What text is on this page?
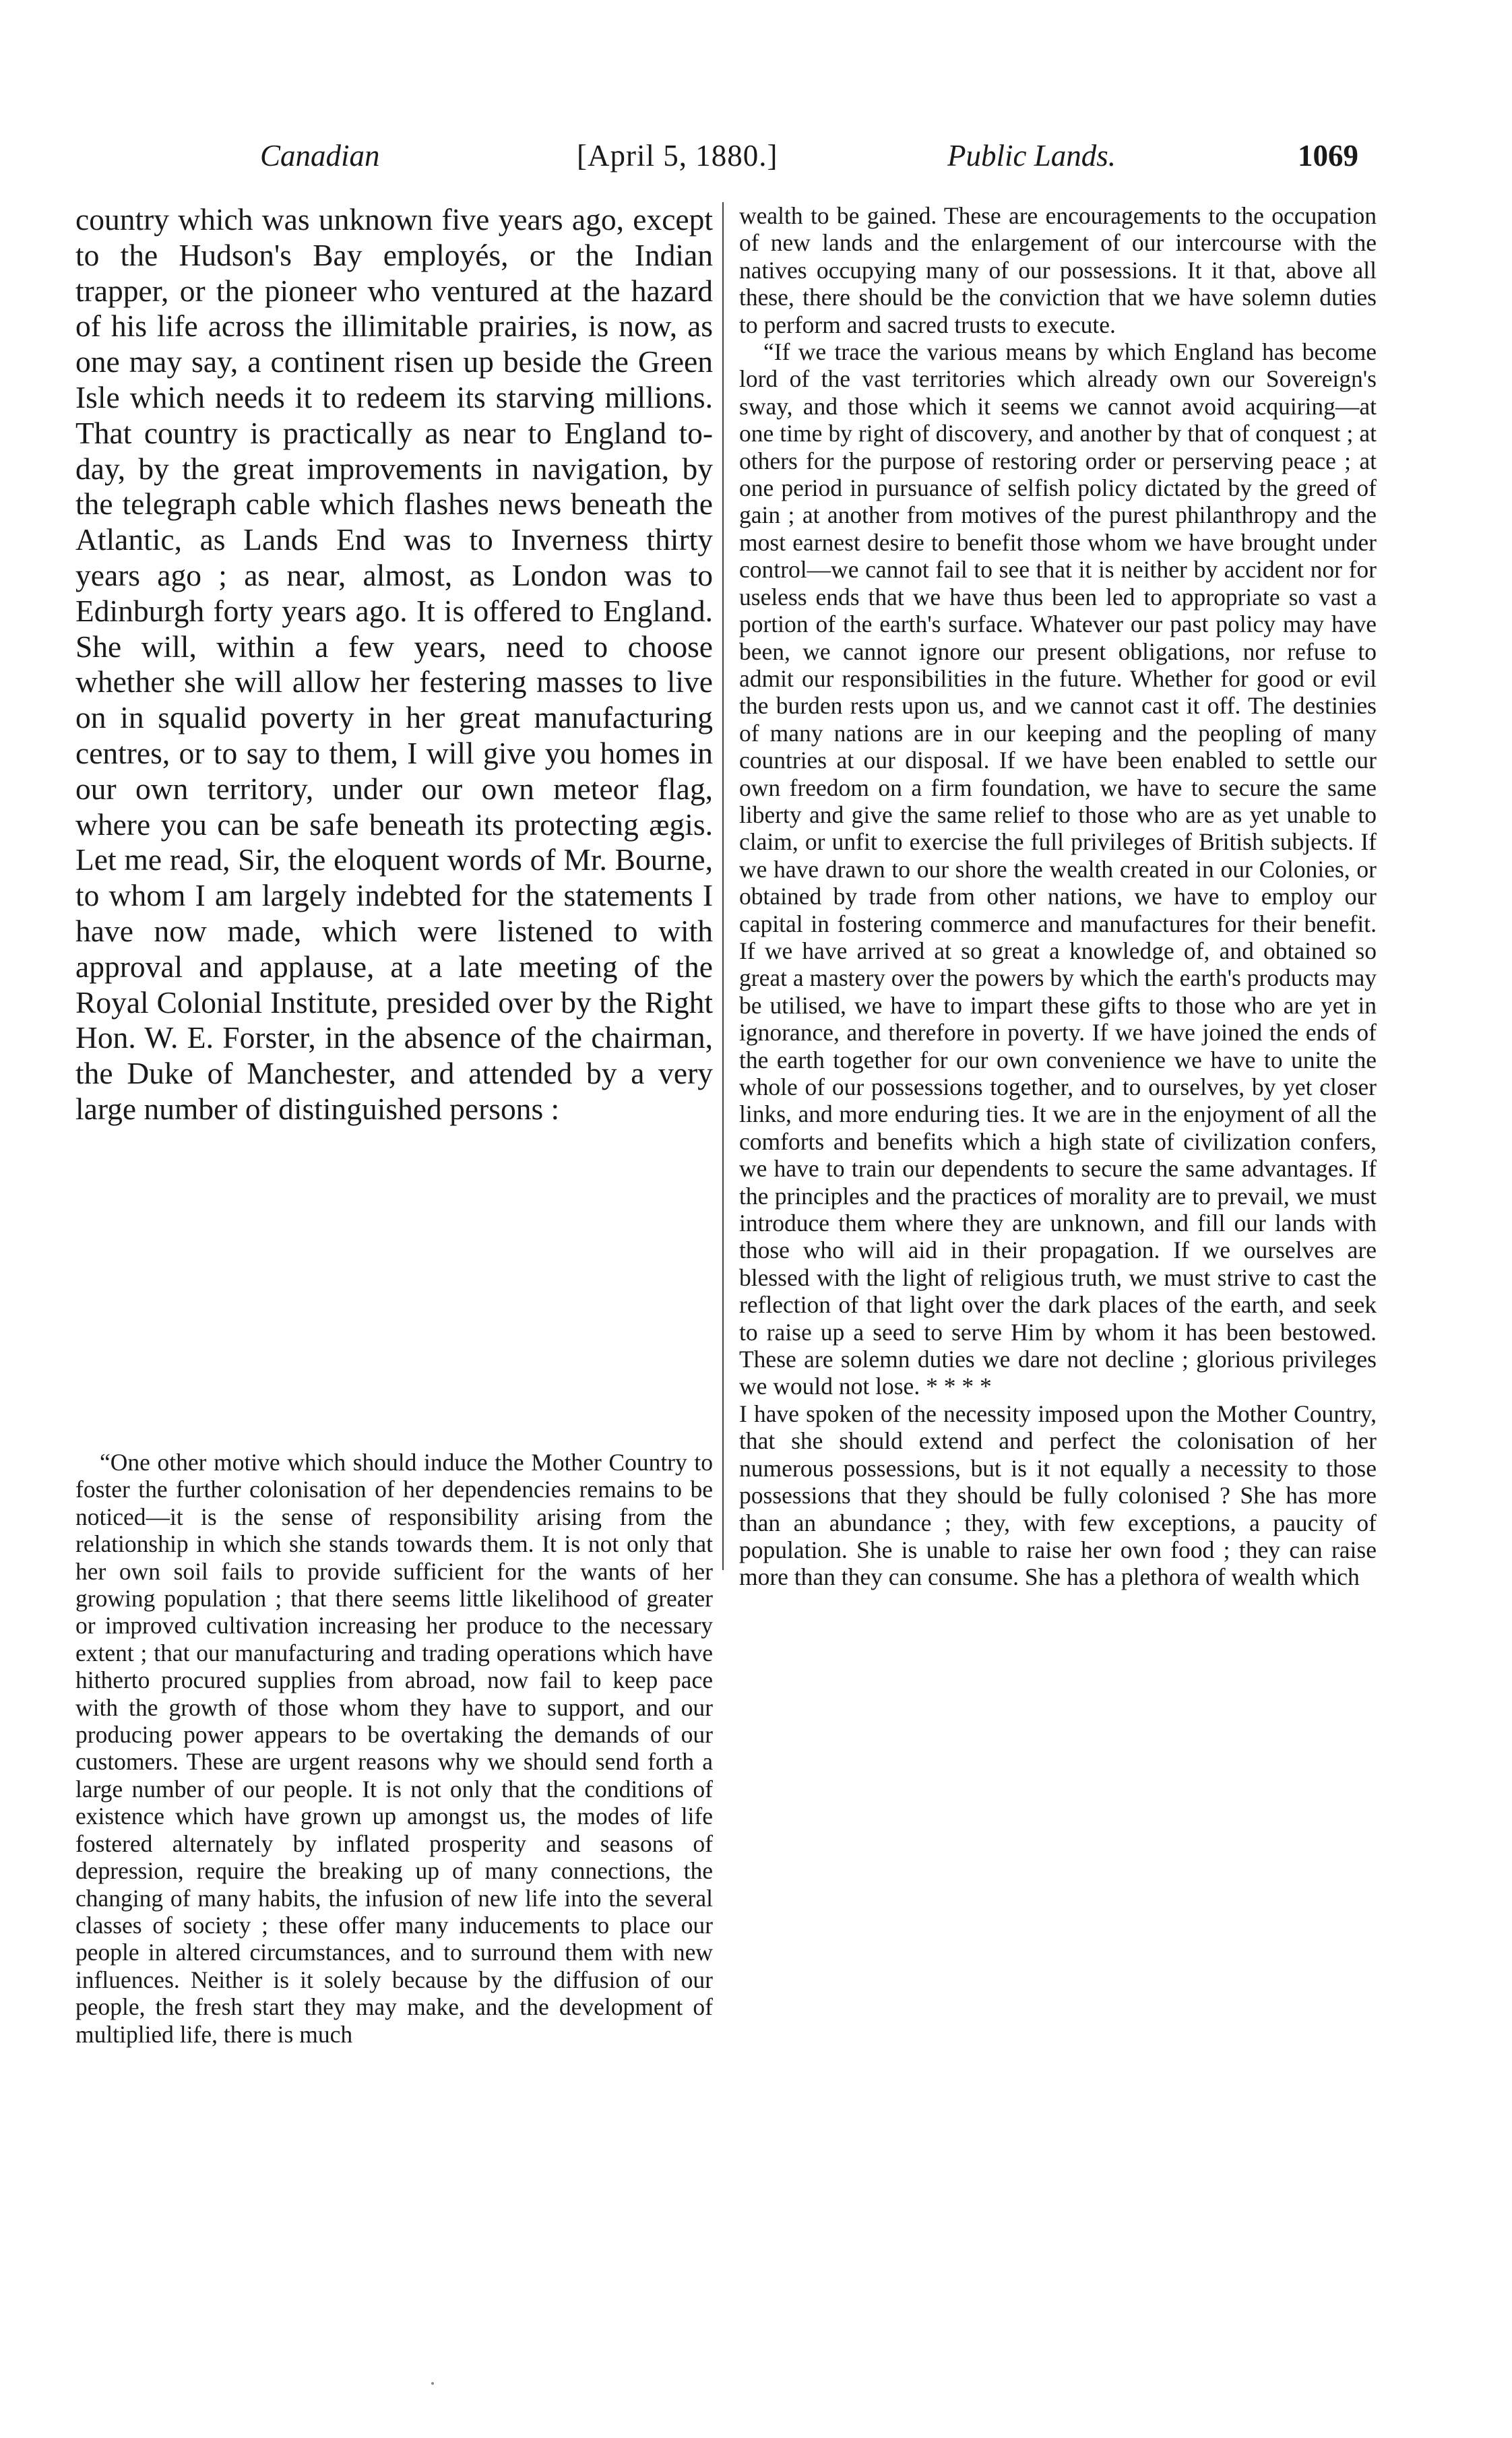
Canadian	[April 5, 1880.]	Public Lands.	1069

country which was unknown five years ago, except to the Hudson's Bay employés, or the Indian trapper, or the pioneer who ventured at the hazard of his life across the illimitable prairies, is now, as one may say, a continent risen up beside the Green Isle which needs it to redeem its starving millions. That country is practically as near to England to-day, by the great improvements in navigation, by the telegraph cable which flashes news beneath the Atlantic, as Lands End was to Inverness thirty years ago ; as near, almost, as London was to Edinburgh forty years ago. It is offered to England. She will, within a few years, need to choose whether she will allow her festering masses to live on in squalid poverty in her great manufacturing centres, or to say to them, I will give you homes in our own territory, under our own meteor flag, where you can be safe beneath its protecting ægis. Let me read, Sir, the eloquent words of Mr. Bourne, to whom I am largely indebted for the statements I have now made, which were listened to with approval and applause, at a late meeting of the Royal Colonial Institute, presided over by the Right Hon. W. E. Forster, in the absence of the chairman, the Duke of Manchester, and attended by a very large number of distinguished persons :

“One other motive which should induce the Mother Country to foster the further colonisation of her dependencies remains to be noticed—it is the sense of responsibility arising from the relationship in which she stands towards them. It is not only that her own soil fails to provide sufficient for the wants of her growing population ; that there seems little likelihood of greater or improved cultivation increasing her produce to the necessary extent ; that our manufacturing and trading operations which have hitherto procured supplies from abroad, now fail to keep pace with the growth of those whom they have to support, and our producing power appears to be overtaking the demands of our customers. These are urgent reasons why we should send forth a large number of our people. It is not only that the conditions of existence which have grown up amongst us, the modes of life fostered alternately by inflated prosperity and seasons of depression, require the breaking up of many connections, the changing of many habits, the infusion of new life into the several classes of society ; these offer many inducements to place our people in altered circumstances, and to surround them with new influences. Neither is it solely because by the diffusion of our people, the fresh start they may make, and the development of multiplied life, there is much

wealth to be gained. These are encouragements to the occupation of new lands and the enlargement of our intercourse with the natives occupying many of our possessions. It it that, above all these, there should be the conviction that we have solemn duties to perform and sacred trusts to execute.

“If we trace the various means by which England has become lord of the vast territories which already own our Sovereign's sway, and those which it seems we cannot avoid acquiring—at one time by right of discovery, and another by that of conquest ; at others for the purpose of restoring order or perserving peace ; at one period in pursuance of selfish policy dictated by the greed of gain ; at another from motives of the purest philanthropy and the most earnest desire to benefit those whom we have brought under control—we cannot fail to see that it is neither by accident nor for useless ends that we have thus been led to appropriate so vast a portion of the earth's surface. Whatever our past policy may have been, we cannot ignore our present obligations, nor refuse to admit our responsibilities in the future. Whether for good or evil the burden rests upon us, and we cannot cast it off. The destinies of many nations are in our keeping and the peopling of many countries at our disposal. If we have been enabled to settle our own freedom on a firm foundation, we have to secure the same liberty and give the same relief to those who are as yet unable to claim, or unfit to exercise the full privileges of British subjects. If we have drawn to our shore the wealth created in our Colonies, or obtained by trade from other nations, we have to employ our capital in fostering commerce and manufactures for their benefit. If we have arrived at so great a knowledge of, and obtained so great a mastery over the powers by which the earth's products may be utilised, we have to impart these gifts to those who are yet in ignorance, and therefore in poverty. If we have joined the ends of the earth together for our own convenience we have to unite the whole of our possessions together, and to ourselves, by yet closer links, and more enduring ties. It we are in the enjoyment of all the comforts and benefits which a high state of civilization confers, we have to train our dependents to secure the same advantages. If the principles and the practices of morality are to prevail, we must introduce them where they are unknown, and fill our lands with those who will aid in their propagation. If we ourselves are blessed with the light of religious truth, we must strive to cast the reflection of that light over the dark places of the earth, and seek to raise up a seed to serve Him by whom it has been bestowed. These are solemn duties we dare not decline ; glorious privileges we would not lose. * * * *

I have spoken of the necessity imposed upon the Mother Country, that she should extend and perfect the colonisation of her numerous possessions, but is it not equally a necessity to those possessions that they should be fully colonised ? She has more than an abundance ; they, with few exceptions, a paucity of population. She is unable to raise her own food ; they can raise more than they can consume. She has a plethora of wealth which
